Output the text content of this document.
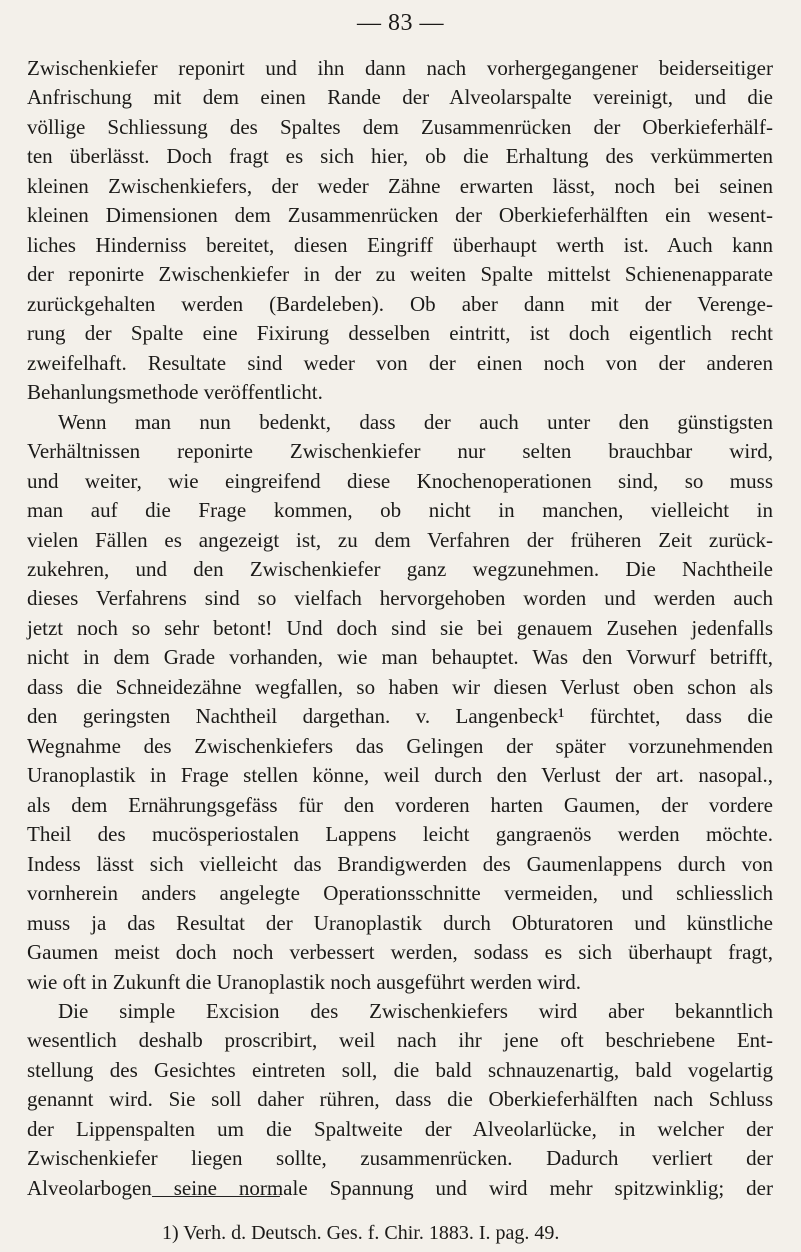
— 83 —
Zwischenkiefer reponirt und ihn dann nach vorhergegangener beiderseitiger
Anfrischung mit dem einen Rande der Alveolarspalte vereinigt, und die
völlige Schliessung des Spaltes dem Zusammenrücken der Oberkieferhälf-
ten überlässt. Doch fragt es sich hier, ob die Erhaltung des verkümmerten
kleinen Zwischenkiefers, der weder Zähne erwarten lässt, noch bei seinen
kleinen Dimensionen dem Zusammenrücken der Oberkieferhälften ein wesent-
liches Hinderniss bereitet, diesen Eingriff überhaupt werth ist. Auch kann
der reponirte Zwischenkiefer in der zu weiten Spalte mittelst Schienenapparate
zurückgehalten werden (Bardeleben). Ob aber dann mit der Verenge-
rung der Spalte eine Fixirung desselben eintritt, ist doch eigentlich recht
zweifelhaft. Resultate sind weder von der einen noch von der anderen
Behanlungsmethode veröffentlicht.
Wenn man nun bedenkt, dass der auch unter den günstigsten
Verhältnissen reponirte Zwischenkiefer nur selten brauchbar wird,
und weiter, wie eingreifend diese Knochenoperationen sind, so muss
man auf die Frage kommen, ob nicht in manchen, vielleicht in
vielen Fällen es angezeigt ist, zu dem Verfahren der früheren Zeit zurück-
zukehren, und den Zwischenkiefer ganz wegzunehmen. Die Nachtheile
dieses Verfahrens sind so vielfach hervorgehoben worden und werden auch
jetzt noch so sehr betont! Und doch sind sie bei genauem Zusehen jedenfalls
nicht in dem Grade vorhanden, wie man behauptet. Was den Vorwurf betrifft,
dass die Schneidezähne wegfallen, so haben wir diesen Verlust oben schon als
den geringsten Nachtheil dargethan. v. Langenbeck¹ fürchtet, dass die
Wegnahme des Zwischenkiefers das Gelingen der später vorzunehmenden
Uranoplastik in Frage stellen könne, weil durch den Verlust der art. nasopal.,
als dem Ernährungsgefäss für den vorderen harten Gaumen, der vordere
Theil des mucösperiostalen Lappens leicht gangraenös werden möchte.
Indess lässt sich vielleicht das Brandigwerden des Gaumenlappens durch von
vornherein anders angelegte Operationsschnitte vermeiden, und schliesslich
muss ja das Resultat der Uranoplastik durch Obturatoren und künstliche
Gaumen meist doch noch verbessert werden, sodass es sich überhaupt fragt,
wie oft in Zukunft die Uranoplastik noch ausgeführt werden wird.
Die simple Excision des Zwischenkiefers wird aber bekanntlich
wesentlich deshalb proscribirt, weil nach ihr jene oft beschriebene Ent-
stellung des Gesichtes eintreten soll, die bald schnauzenartig, bald vogelartig
genannt wird. Sie soll daher rühren, dass die Oberkieferhälften nach Schluss
der Lippenspalten um die Spaltweite der Alveolarlücke, in welcher der
Zwischenkiefer liegen sollte, zusammenrücken. Dadurch verliert der
Alveolarbogen seine normale Spannung und wird mehr spitzwinklig; der
1) Verh. d. Deutsch. Ges. f. Chir. 1883. I. pag. 49.
